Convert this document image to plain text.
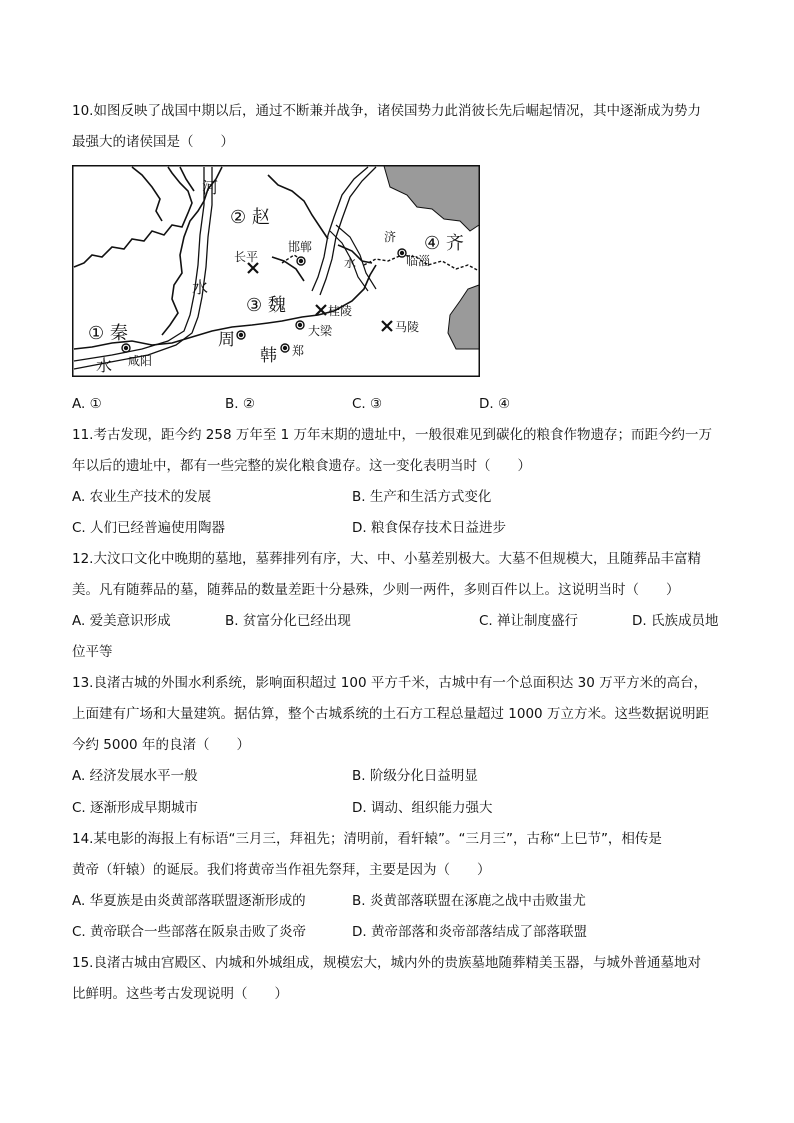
10.如图反映了战国中期以后，通过不断兼并战争，诸侯国势力此消彼长先后崛起情况，其中逐渐成为势力
最强大的诸侯国是（　　）
河
水
水
水
② 赵
④ 齐
③ 魏
① 秦	周
韩
长平
邯郸
济
临淄
桂陵
大梁	马陵
郑
咸阳
A. ①	B. ②	C. ③	D. ④
11.考古发现，距今约 258 万年至 1 万年末期的遗址中，一般很难见到碳化的粮食作物遗存；而距今约一万
年以后的遗址中，都有一些完整的炭化粮食遗存。这一变化表明当时（　　）
A. 农业生产技术的发展	B. 生产和生活方式变化
C. 人们已经普遍使用陶器	D. 粮食保存技术日益进步
12.大汶口文化中晚期的墓地，墓葬排列有序，大、中、小墓差别极大。大墓不但规模大，且随葬品丰富精
美。凡有随葬品的墓，随葬品的数量差距十分悬殊，少则一两件，多则百件以上。这说明当时（　　）
A. 爱美意识形成	B. 贫富分化已经出现	C. 禅让制度盛行	D. 氏族成员地
位平等
13.良渚古城的外围水利系统，影响面积超过 100 平方千米，古城中有一个总面积达 30 万平方米的高台，
上面建有广场和大量建筑。据估算，整个古城系统的土石方工程总量超过 1000 万立方米。这些数据说明距
今约 5000 年的良渚（　　）
A. 经济发展水平一般	B. 阶级分化日益明显
C. 逐渐形成早期城市	D. 调动、组织能力强大
14.某电影的海报上有标语“三月三，拜祖先；清明前，看轩辕”。“三月三”，古称“上巳节”，相传是
黄帝（轩辕）的诞辰。我们将黄帝当作祖先祭拜，主要是因为（　　）
A. 华夏族是由炎黄部落联盟逐渐形成的	B. 炎黄部落联盟在涿鹿之战中击败蚩尤
C. 黄帝联合一些部落在阪泉击败了炎帝	D. 黄帝部落和炎帝部落结成了部落联盟
15.良渚古城由宫殿区、内城和外城组成，规模宏大，城内外的贵族墓地随葬精美玉器，与城外普通墓地对
比鲜明。这些考古发现说明（　　）
